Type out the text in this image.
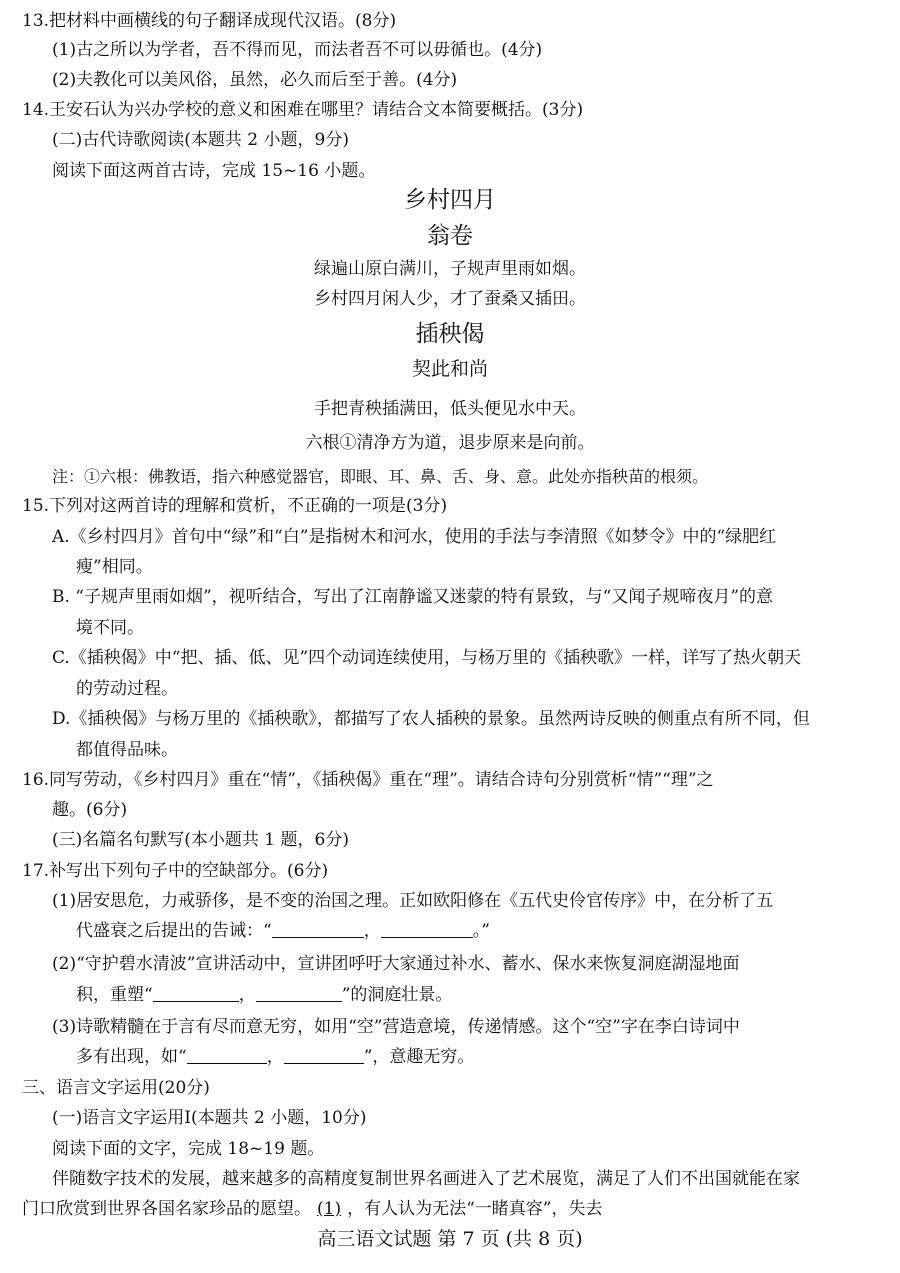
13.把材料中画横线的句子翻译成现代汉语。(8分)
(1)古之所以为学者，吾不得而见，而法者吾不可以毋循也。(4分)
(2)夫教化可以美风俗，虽然，必久而后至于善。(4分)
14.王安石认为兴办学校的意义和困难在哪里？请结合文本简要概括。(3分)
(二)古代诗歌阅读(本题共 2 小题，9分)
阅读下面这两首古诗，完成 15~16 小题。
乡村四月
翁卷
绿遍山原白满川，子规声里雨如烟。
乡村四月闲人少，才了蚕桑又插田。
插秧偈
契此和尚
手把青秧插满田，低头便见水中天。
六根①清净方为道，退步原来是向前。
注：①六根：佛教语，指六种感觉器官，即眼、耳、鼻、舌、身、意。此处亦指秧苗的根须。
15.下列对这两首诗的理解和赏析，不正确的一项是(3分)
A.《乡村四月》首句中“绿”和“白”是指树木和河水，使用的手法与李清照《如梦令》中的“绿肥红
瘦”相同。
B. “子规声里雨如烟”，视听结合，写出了江南静谧又迷蒙的特有景致，与“又闻子规啼夜月”的意
境不同。
C.《插秧偈》中“把、插、低、见”四个动词连续使用，与杨万里的《插秧歌》一样，详写了热火朝天
的劳动过程。
D.《插秧偈》与杨万里的《插秧歌》，都描写了农人插秧的景象。虽然两诗反映的侧重点有所不同，但
都值得品味。
16.同写劳动，《乡村四月》重在“情”，《插秧偈》重在“理”。请结合诗句分别赏析“情”“理”之
趣。(6分)
(三)名篇名句默写(本小题共 1 题，6分)
17.补写出下列句子中的空缺部分。(6分)
(1)居安思危，力戒骄侈，是不变的治国之理。正如欧阳修在《五代史伶官传序》中，在分析了五
代盛衰之后提出的告诫：“	，	。”
(2)“守护碧水清波”宣讲活动中，宣讲团呼吁大家通过补水、蓄水、保水来恢复洞庭湖湿地面
积，重塑“	，	”的洞庭壮景。
(3)诗歌精髓在于言有尽而意无穷，如用“空”营造意境，传递情感。这个“空”字在李白诗词中
多有出现，如“	，	”，意趣无穷。
三、语言文字运用(20分)
(一)语言文字运用Ⅰ(本题共 2 小题，10分)
阅读下面的文字，完成 18~19 题。
伴随数字技术的发展，越来越多的高精度复制世界名画进入了艺术展览，满足了人们不出国就能在家
门口欣赏到世界各国名家珍品的愿望。 (1) ，有人认为无法“一睹真容”，失去
高三语文试题 第 7 页 (共 8 页)
